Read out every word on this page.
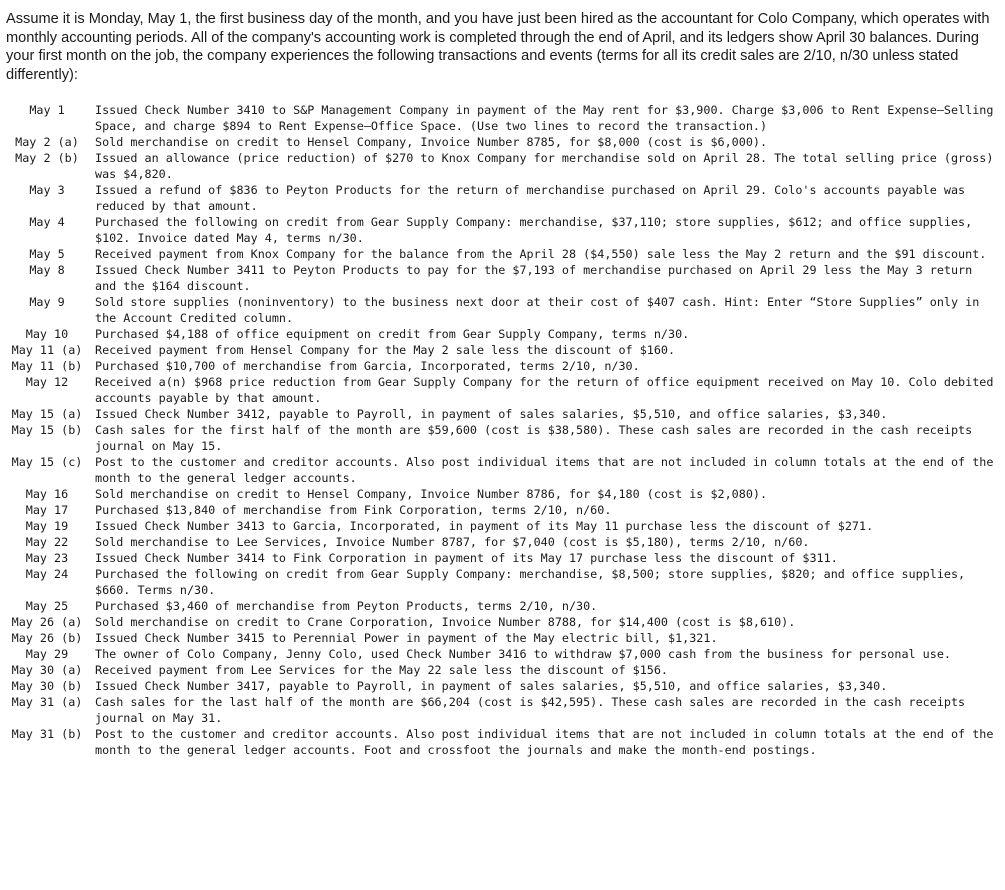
Assume it is Monday, May 1, the first business day of the month, and you have just been hired as the accountant for Colo Company, which operates with monthly accounting periods. All of the company's accounting work is completed through the end of April, and its ledgers show April 30 balances. During your first month on the job, the company experiences the following transactions and events (terms for all its credit sales are 2/10, n/30 unless stated differently):

May 1	Issued Check Number 3410 to S&P Management Company in payment of the May rent for $3,900. Charge $3,006 to Rent Expense—Selling Space, and charge $894 to Rent Expense—Office Space. (Use two lines to record the transaction.)
May 2 (a)	Sold merchandise on credit to Hensel Company, Invoice Number 8785, for $8,000 (cost is $6,000).
May 2 (b)	Issued an allowance (price reduction) of $270 to Knox Company for merchandise sold on April 28. The total selling price (gross) was $4,820.
May 3	Issued a refund of $836 to Peyton Products for the return of merchandise purchased on April 29. Colo's accounts payable was reduced by that amount.
May 4	Purchased the following on credit from Gear Supply Company: merchandise, $37,110; store supplies, $612; and office supplies, $102. Invoice dated May 4, terms n/30.
May 5	Received payment from Knox Company for the balance from the April 28 ($4,550) sale less the May 2 return and the $91 discount.
May 8	Issued Check Number 3411 to Peyton Products to pay for the $7,193 of merchandise purchased on April 29 less the May 3 return and the $164 discount.
May 9	Sold store supplies (noninventory) to the business next door at their cost of $407 cash. Hint: Enter “Store Supplies” only in the Account Credited column.
May 10	Purchased $4,188 of office equipment on credit from Gear Supply Company, terms n/30.
May 11 (a)	Received payment from Hensel Company for the May 2 sale less the discount of $160.
May 11 (b)	Purchased $10,700 of merchandise from Garcia, Incorporated, terms 2/10, n/30.
May 12	Received a(n) $968 price reduction from Gear Supply Company for the return of office equipment received on May 10. Colo debited accounts payable by that amount.
May 15 (a)	Issued Check Number 3412, payable to Payroll, in payment of sales salaries, $5,510, and office salaries, $3,340.
May 15 (b)	Cash sales for the first half of the month are $59,600 (cost is $38,580). These cash sales are recorded in the cash receipts journal on May 15.
May 15 (c)	Post to the customer and creditor accounts. Also post individual items that are not included in column totals at the end of the month to the general ledger accounts.
May 16	Sold merchandise on credit to Hensel Company, Invoice Number 8786, for $4,180 (cost is $2,080).
May 17	Purchased $13,840 of merchandise from Fink Corporation, terms 2/10, n/60.
May 19	Issued Check Number 3413 to Garcia, Incorporated, in payment of its May 11 purchase less the discount of $271.
May 22	Sold merchandise to Lee Services, Invoice Number 8787, for $7,040 (cost is $5,180), terms 2/10, n/60.
May 23	Issued Check Number 3414 to Fink Corporation in payment of its May 17 purchase less the discount of $311.
May 24	Purchased the following on credit from Gear Supply Company: merchandise, $8,500; store supplies, $820; and office supplies, $660. Terms n/30.
May 25	Purchased $3,460 of merchandise from Peyton Products, terms 2/10, n/30.
May 26 (a)	Sold merchandise on credit to Crane Corporation, Invoice Number 8788, for $14,400 (cost is $8,610).
May 26 (b)	Issued Check Number 3415 to Perennial Power in payment of the May electric bill, $1,321.
May 29	The owner of Colo Company, Jenny Colo, used Check Number 3416 to withdraw $7,000 cash from the business for personal use.
May 30 (a)	Received payment from Lee Services for the May 22 sale less the discount of $156.
May 30 (b)	Issued Check Number 3417, payable to Payroll, in payment of sales salaries, $5,510, and office salaries, $3,340.
May 31 (a)	Cash sales for the last half of the month are $66,204 (cost is $42,595). These cash sales are recorded in the cash receipts journal on May 31.
May 31 (b)	Post to the customer and creditor accounts. Also post individual items that are not included in column totals at the end of the month to the general ledger accounts. Foot and crossfoot the journals and make the month-end postings.
